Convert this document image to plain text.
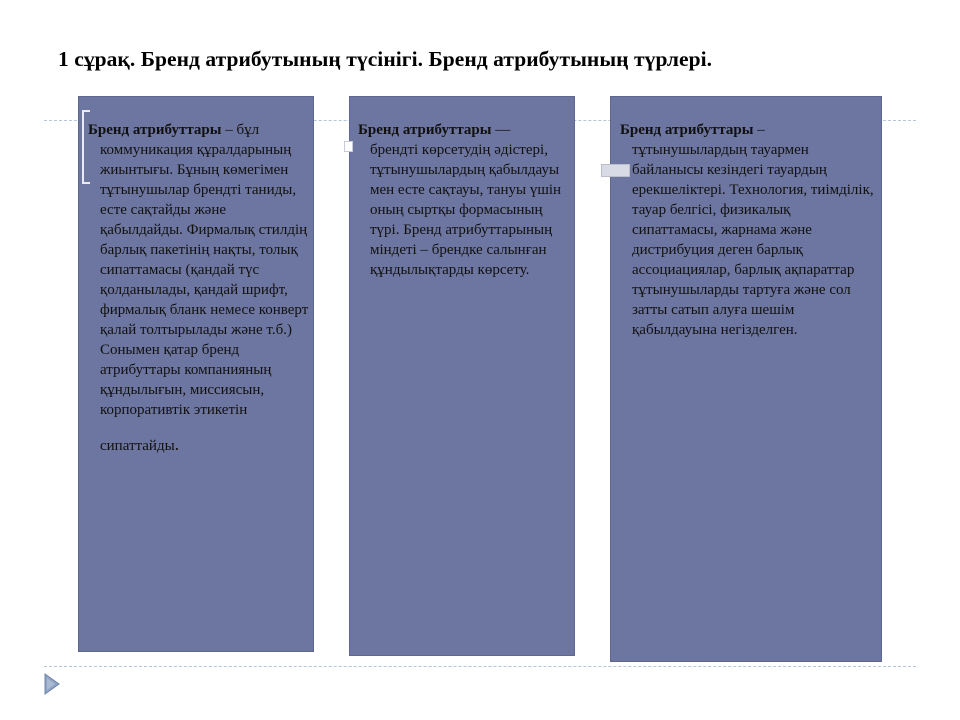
1 сұрақ. Бренд атрибутының түсінігі. Бренд атрибутының түрлері.
Бренд атрибуттары – бұл
коммуникация құралдарының жиынтығы. Бұның көмегімен тұтынушылар брендті таниды, есте сақтайды және қабылдайды. Фирмалық стилдің барлық пакетінің нақты, толық сипаттамасы (қандай түс қолданылады, қандай шрифт, фирмалық бланк немесе конверт қалай толтырылады және т.б.) Сонымен қатар бренд атрибуттары компанияның құндылығын, миссиясын, корпоративтік этикетін
сипаттайды.
Бренд атрибуттары —
брендті көрсетудің әдістері, тұтынушылардың қабылдауы мен есте сақтауы, тануы үшін оның сыртқы формасының түрі. Бренд атрибуттарының міндеті – брендке салынған құндылықтарды көрсету.
Бренд атрибуттары –
тұтынушылардың тауармен байланысы кезіндегі тауардың ерекшеліктері. Технология, тиімділік, тауар белгісі, физикалық сипаттамасы, жарнама және дистрибуция деген барлық ассоциациялар, барлық ақпараттар тұтынушыларды тартуға және сол затты сатып алуға шешім қабылдауына негізделген.
